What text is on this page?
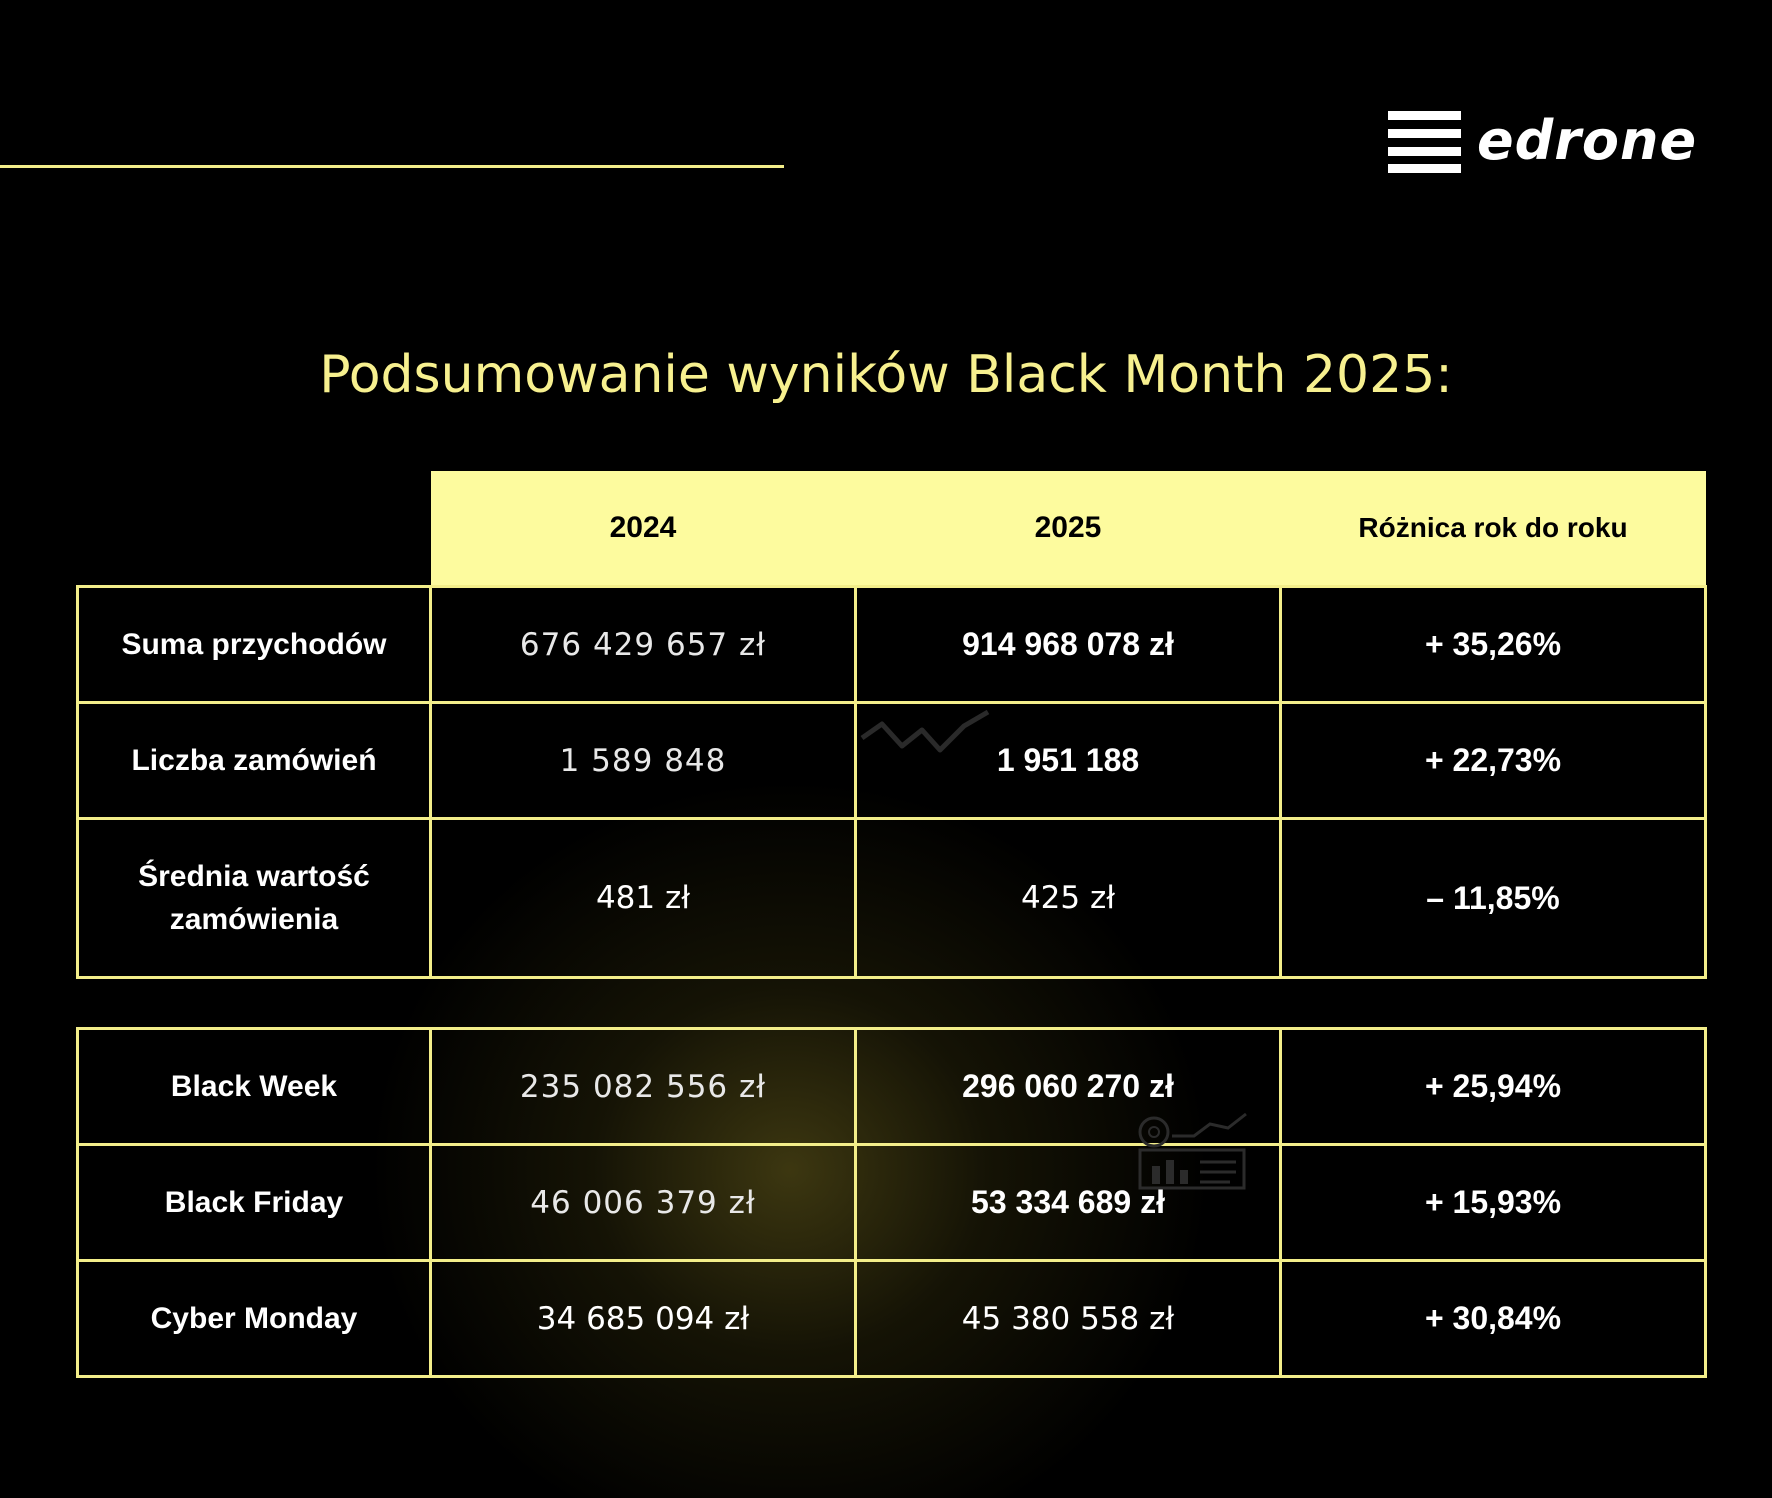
edrone
Podsumowanie wyników Black Month 2025:
	2024	2025	Różnica rok do roku
Suma przychodów	676 429 657 zł	914 968 078 zł	+ 35,26%
Liczba zamówień	1 589 848	1 951 188	+ 22,73%
Średnia wartość
zamówienia	481 zł	425 zł	– 11,85%
Black Week	235 082 556 zł	296 060 270 zł	+ 25,94%
Black Friday	46 006 379 zł	53 334 689 zł	+ 15,93%
Cyber Monday	34 685 094 zł	45 380 558 zł	+ 30,84%
